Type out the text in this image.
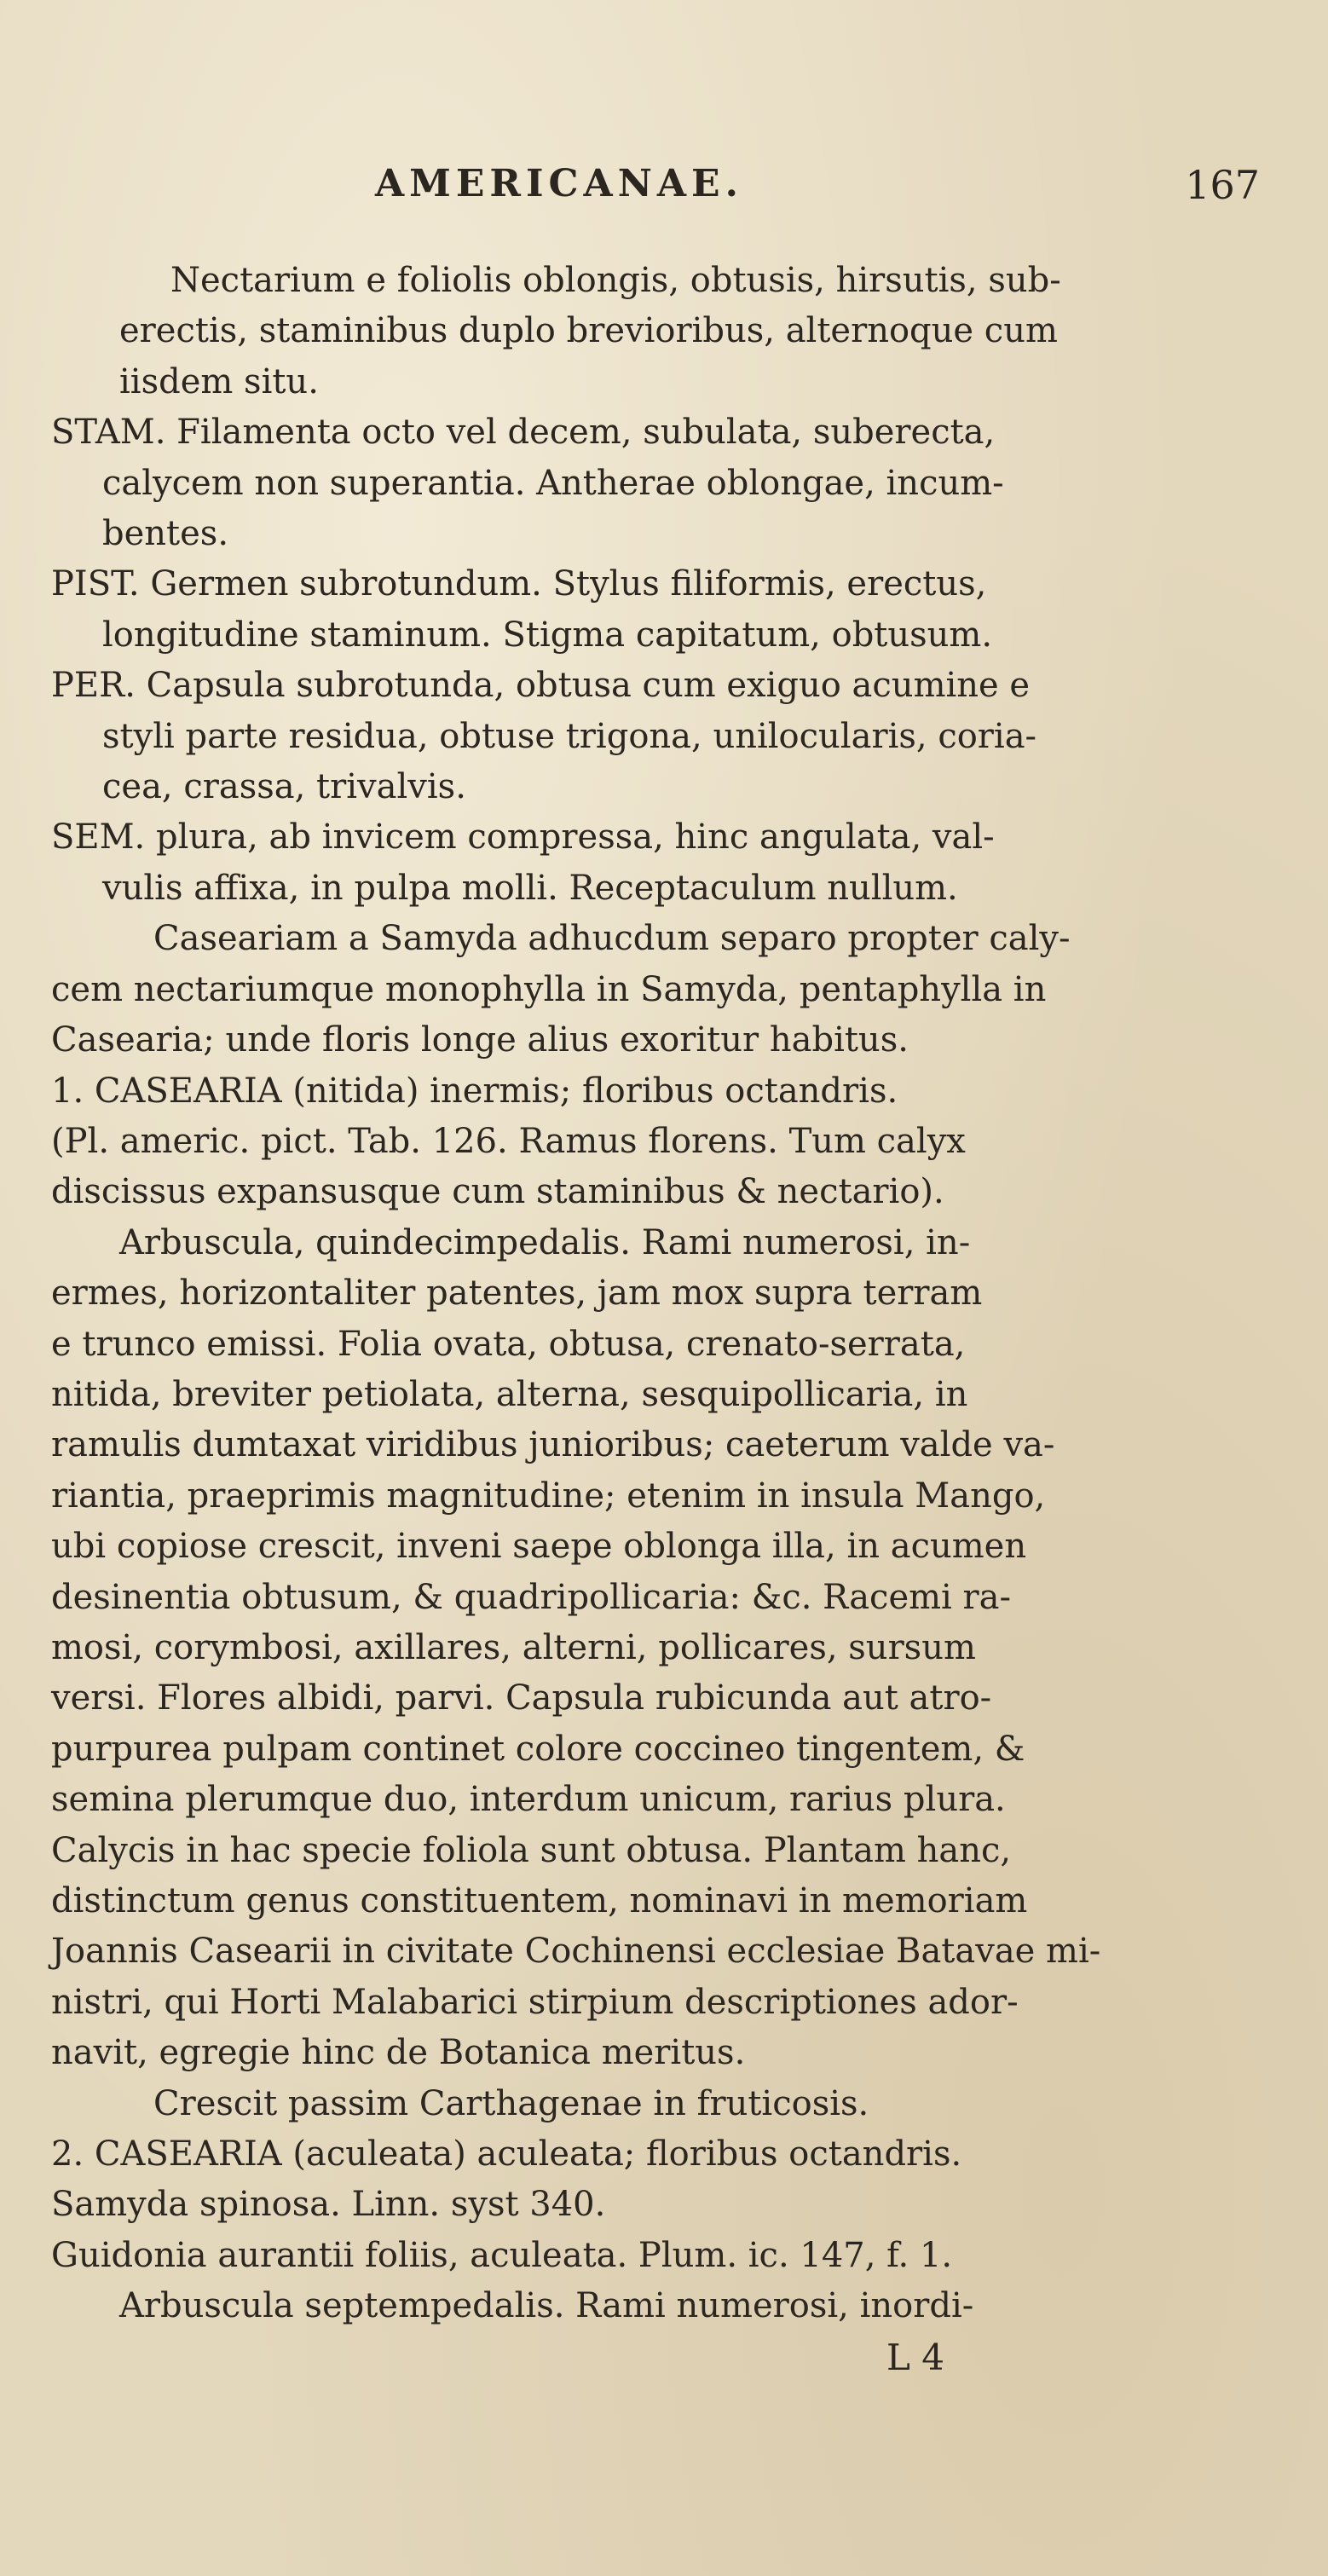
AMERICANAE.	167
Nectarium e foliolis oblongis, obtusis, hirsutis, sub-
erectis, staminibus duplo brevioribus, alternoque cum
iisdem situ.
STAM. Filamenta octo vel decem, subulata, suberecta,
calycem non superantia. Antherae oblongae, incum-
bentes.
PIST. Germen subrotundum. Stylus filiformis, erectus,
longitudine staminum. Stigma capitatum, obtusum.
PER. Capsula subrotunda, obtusa cum exiguo acumine e
styli parte residua, obtuse trigona, unilocularis, coria-
cea, crassa, trivalvis.
SEM. plura, ab invicem compressa, hinc angulata, val-
vulis affixa, in pulpa molli. Receptaculum nullum.
Caseariam a Samyda adhucdum separo propter caly-
cem nectariumque monophylla in Samyda, pentaphylla in
Casearia; unde floris longe alius exoritur habitus.
1. CASEARIA (nitida) inermis; floribus octandris.
(Pl. americ. pict. Tab. 126. Ramus florens. Tum calyx
discissus expansusque cum staminibus & nectario).
Arbuscula, quindecimpedalis. Rami numerosi, in-
ermes, horizontaliter patentes, jam mox supra terram
e trunco emissi. Folia ovata, obtusa, crenato-serrata,
nitida, breviter petiolata, alterna, sesquipollicaria, in
ramulis dumtaxat viridibus junioribus; caeterum valde va-
riantia, praeprimis magnitudine; etenim in insula Mango,
ubi copiose crescit, inveni saepe oblonga illa, in acumen
desinentia obtusum, & quadripollicaria: &c. Racemi ra-
mosi, corymbosi, axillares, alterni, pollicares, sursum
versi. Flores albidi, parvi. Capsula rubicunda aut atro-
purpurea pulpam continet colore coccineo tingentem, &
semina plerumque duo, interdum unicum, rarius plura.
Calycis in hac specie foliola sunt obtusa. Plantam hanc,
distinctum genus constituentem, nominavi in memoriam
Joannis Casearii in civitate Cochinensi ecclesiae Batavae mi-
nistri, qui Horti Malabarici stirpium descriptiones ador-
navit, egregie hinc de Botanica meritus.
Crescit passim Carthagenae in fruticosis.
2. CASEARIA (aculeata) aculeata; floribus octandris.
Samyda spinosa. Linn. syst 340.
Guidonia aurantii foliis, aculeata. Plum. ic. 147, f. 1.
Arbuscula septempedalis. Rami numerosi, inordi-
L 4
